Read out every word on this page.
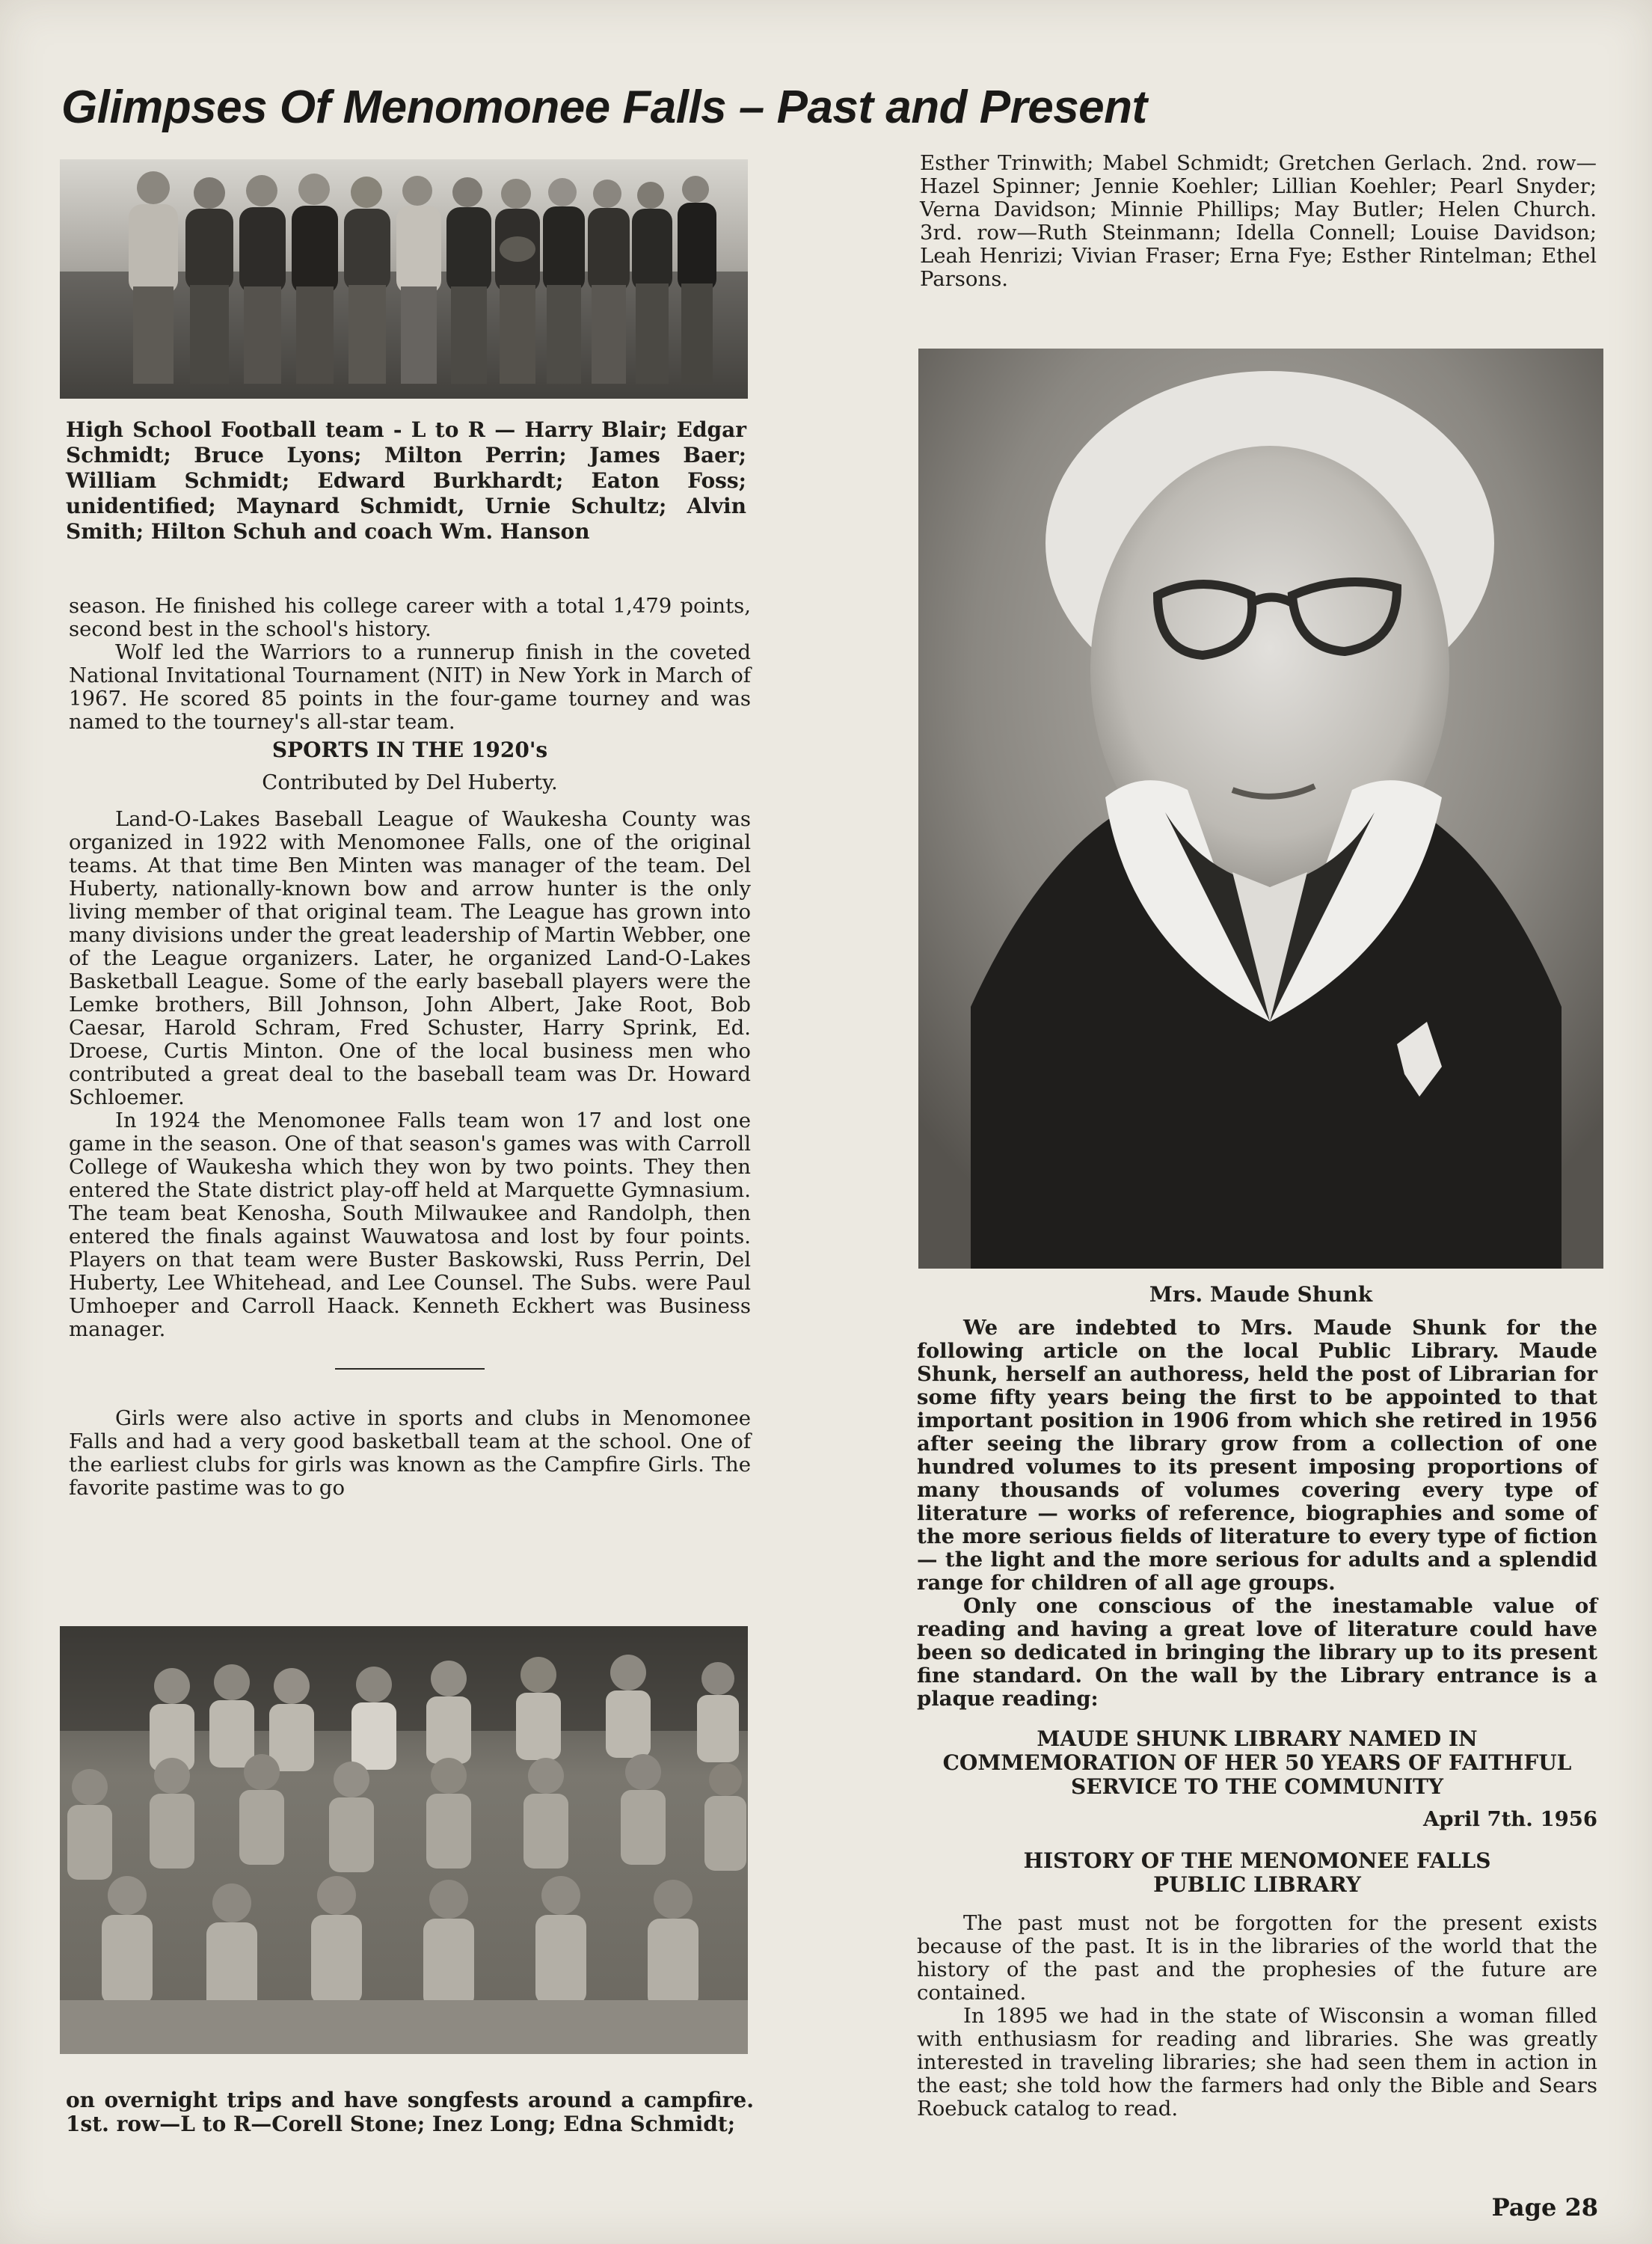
Glimpses Of Menomonee Falls – Past and Present
High School Football team - L to R — Harry Blair; Edgar Schmidt; Bruce Lyons; Milton Perrin; James Baer; William Schmidt; Edward Burkhardt; Eaton Foss; unidentified; Maynard Schmidt, Urnie Schultz; Alvin Smith; Hilton Schuh and coach Wm. Hanson

season. He finished his college career with a total 1,479 points, second best in the school's history.

Wolf led the Warriors to a runnerup finish in the coveted National Invitational Tournament (NIT) in New York in March of 1967. He scored 85 points in the four-game tourney and was named to the tourney's all-star team.

SPORTS IN THE 1920's

Contributed by Del Huberty.

Land-O-Lakes Baseball League of Waukesha County was organized in 1922 with Menomonee Falls, one of the original teams. At that time Ben Minten was manager of the team. Del Huberty, nationally-known bow and arrow hunter is the only living member of that original team. The League has grown into many divisions under the great leadership of Martin Webber, one of the League organizers. Later, he organized Land-O-Lakes Basketball League. Some of the early baseball players were the Lemke brothers, Bill Johnson, John Albert, Jake Root, Bob Caesar, Harold Schram, Fred Schuster, Harry Sprink, Ed. Droese, Curtis Minton. One of the local business men who contributed a great deal to the baseball team was Dr. Howard Schloemer.

In 1924 the Menomonee Falls team won 17 and lost one game in the season. One of that season's games was with Carroll College of Waukesha which they won by two points. They then entered the State district play-off held at Marquette Gymnasium. The team beat Kenosha, South Milwaukee and Randolph, then entered the finals against Wauwatosa and lost by four points. Players on that team were Buster Baskowski, Russ Perrin, Del Huberty, Lee Whitehead, and Lee Counsel. The Subs. were Paul Umhoeper and Carroll Haack. Kenneth Eckhert was Business manager.

Girls were also active in sports and clubs in Menomonee Falls and had a very good basketball team at the school. One of the earliest clubs for girls was known as the Campfire Girls. The favorite pastime was to go

on overnight trips and have songfests around a campfire. 1st. row—L to R—Corell Stone; Inez Long; Edna Schmidt;

Esther Trinwith; Mabel Schmidt; Gretchen Gerlach. 2nd. row—Hazel Spinner; Jennie Koehler; Lillian Koehler; Pearl Snyder; Verna Davidson; Minnie Phillips; May Butler; Helen Church. 3rd. row—Ruth Steinmann; Idella Connell; Louise Davidson; Leah Henrizi; Vivian Fraser; Erna Fye; Esther Rintelman; Ethel Parsons.

Mrs. Maude Shunk

We are indebted to Mrs. Maude Shunk for the following article on the local Public Library. Maude Shunk, herself an authoress, held the post of Librarian for some fifty years being the first to be appointed to that important position in 1906 from which she retired in 1956 after seeing the library grow from a collection of one hundred volumes to its present imposing proportions of many thousands of volumes covering every type of literature — works of reference, biographies and some of the more serious fields of literature to every type of fiction — the light and the more serious for adults and a splendid range for children of all age groups.

Only one conscious of the inestamable value of reading and having a great love of literature could have been so dedicated in bringing the library up to its present fine standard. On the wall by the Library entrance is a plaque reading:

MAUDE SHUNK LIBRARY NAMED IN COMMEMORATION OF HER 50 YEARS OF FAITHFUL SERVICE TO THE COMMUNITY

April 7th. 1956

HISTORY OF THE MENOMONEE FALLS PUBLIC LIBRARY

The past must not be forgotten for the present exists because of the past. It is in the libraries of the world that the history of the past and the prophesies of the future are contained.

In 1895 we had in the state of Wisconsin a woman filled with enthusiasm for reading and libraries. She was greatly interested in traveling libraries; she had seen them in action in the east; she told how the farmers had only the Bible and Sears Roebuck catalog to read.

Page 28
